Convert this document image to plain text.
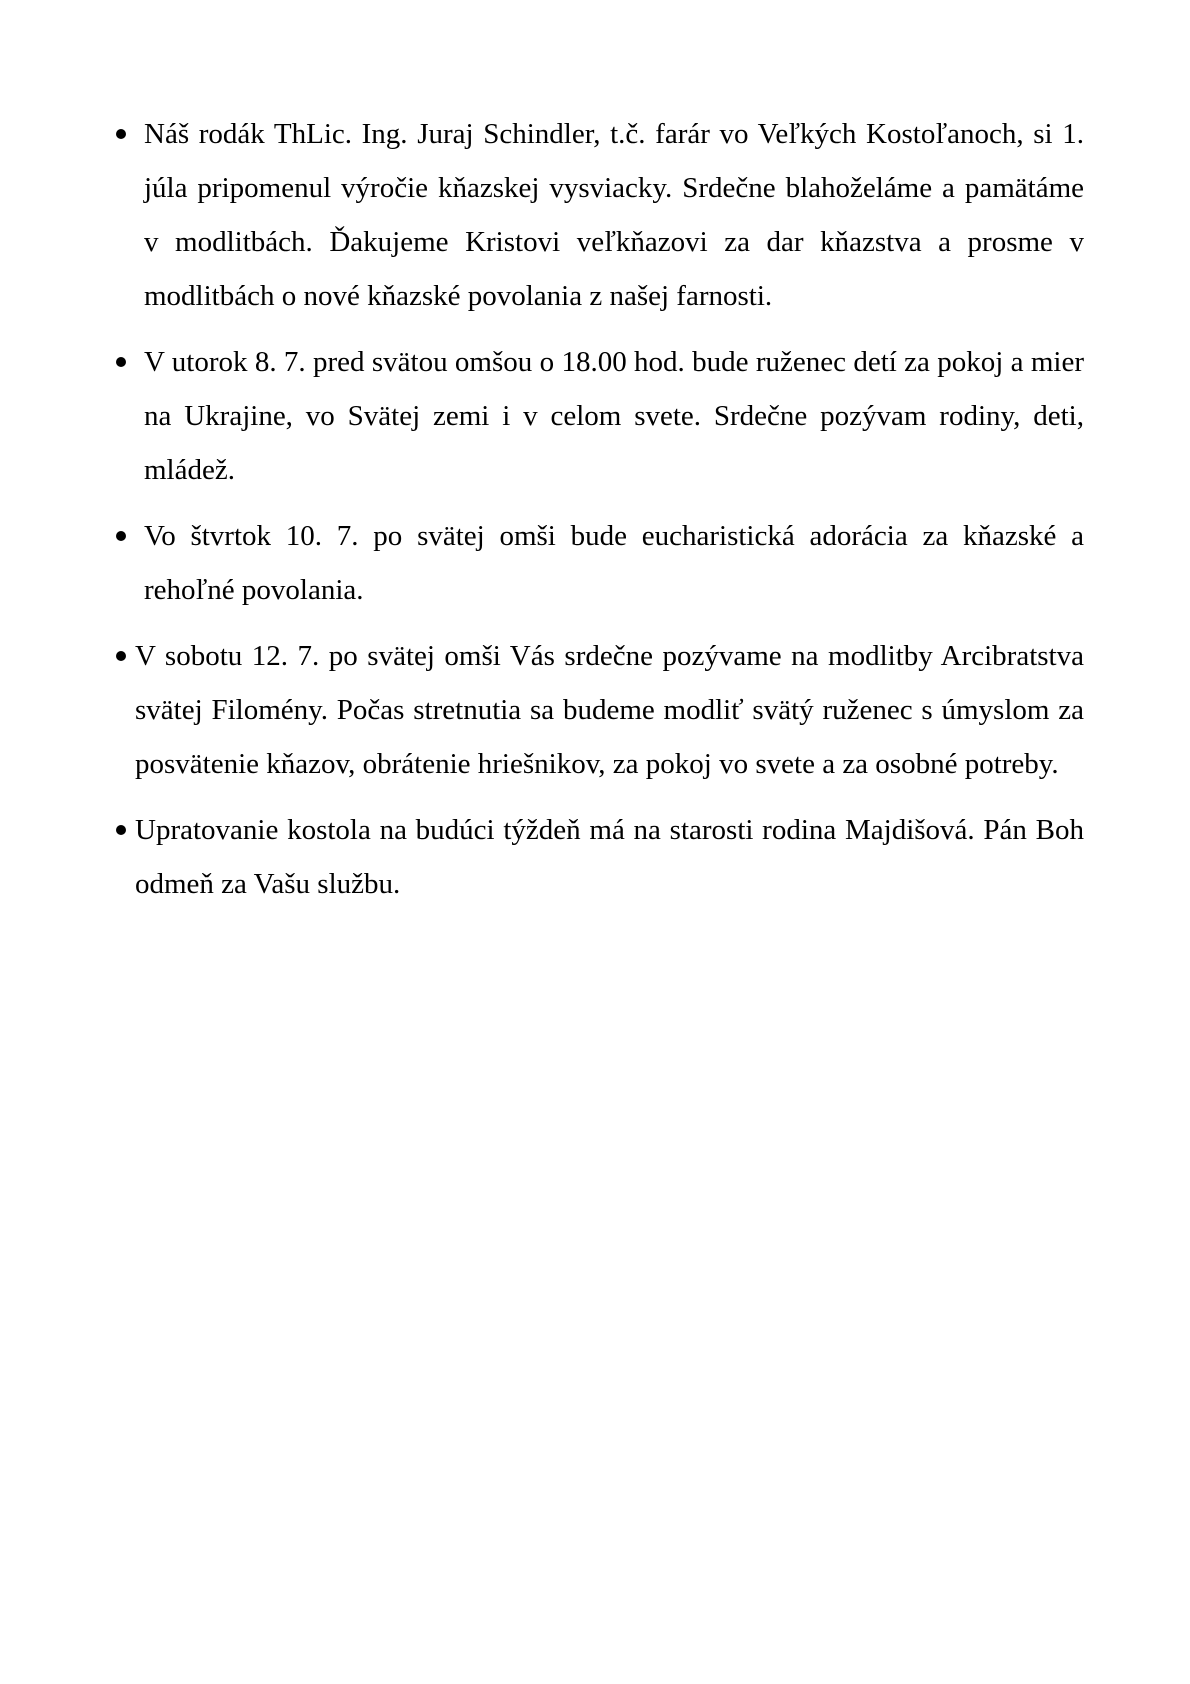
Náš rodák ThLic. Ing. Juraj Schindler, t.č. farár vo Veľkých Kostoľanoch, si 1. júla pripomenul výročie kňazskej vysviacky. Srdečne blahoželáme a pamätáme v modlitbách. Ďakujeme Kristovi veľkňazovi za dar kňazstva a prosme v modlitbách o nové kňazské povolania z našej farnosti.
V utorok 8. 7. pred svätou omšou o 18.00 hod. bude ruženec detí za pokoj a mier na Ukrajine, vo Svätej zemi i v celom svete. Srdečne pozývam rodiny, deti, mládež.
Vo štvrtok 10. 7. po svätej omši bude eucharistická adorácia za kňazské a rehoľné povolania.
V sobotu 12. 7. po svätej omši Vás srdečne pozývame na modlitby Arcibratstva svätej Filomény. Počas stretnutia sa budeme modliť svätý ruženec s úmyslom za posvätenie kňazov, obrátenie hriešnikov, za pokoj vo svete a za osobné potreby.
Upratovanie kostola na budúci týždeň má na starosti rodina Majdišová. Pán Boh odmeň za Vašu službu.
